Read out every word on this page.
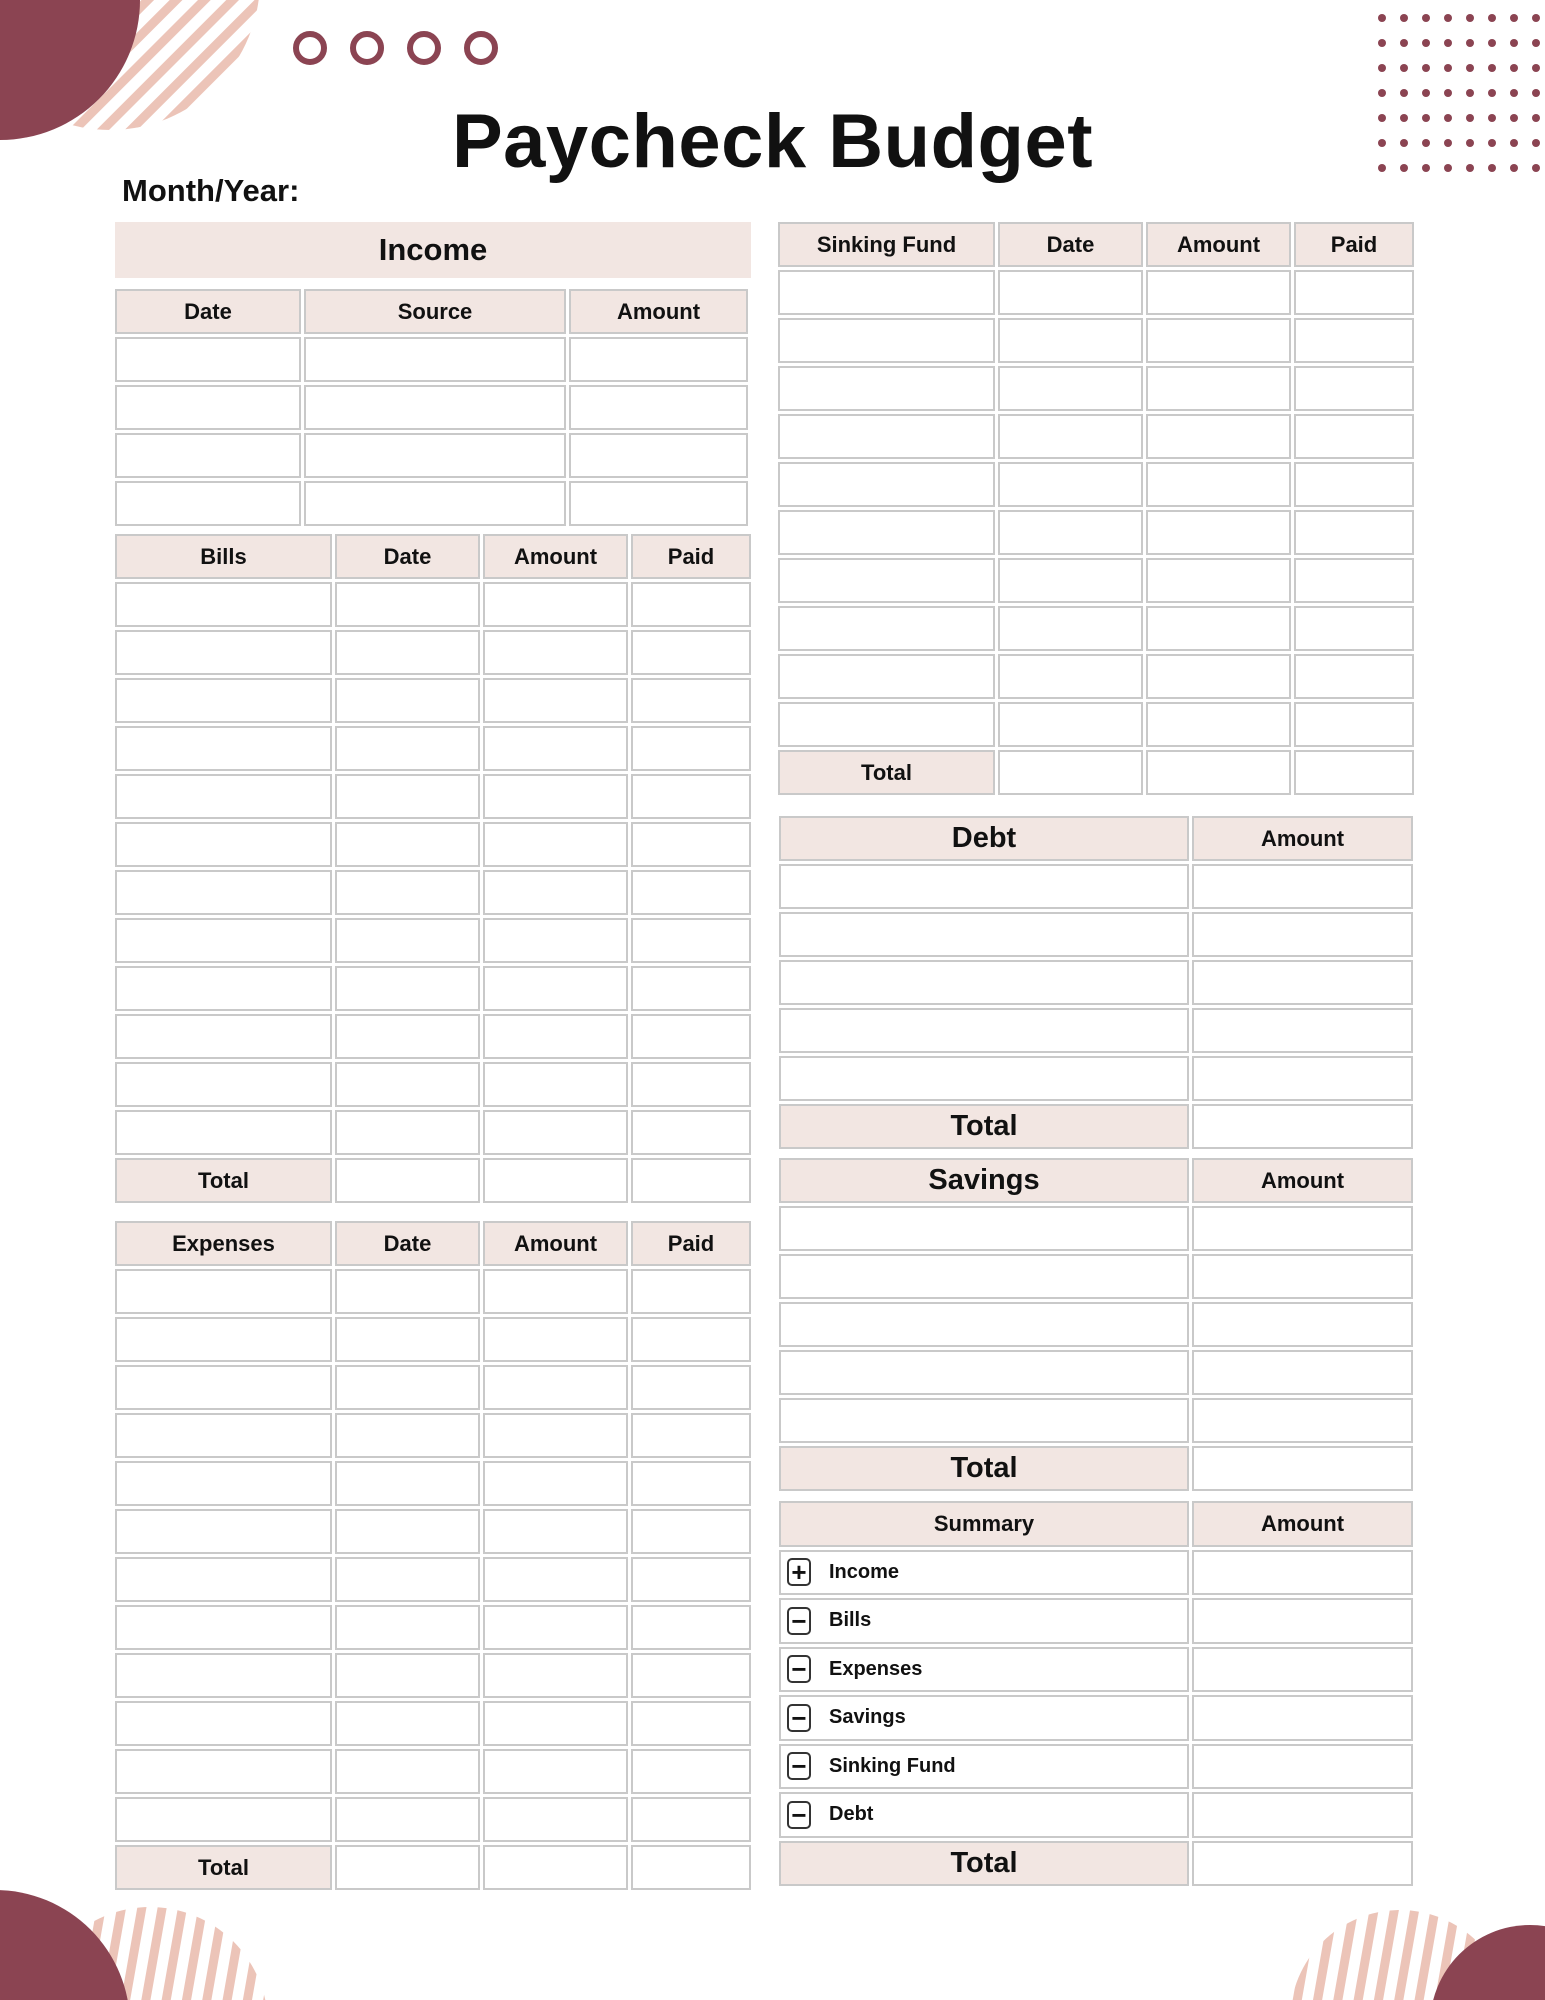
Paycheck Budget
Month/Year:
Income
Date	Source	Amount
Bills	Date	Amount	Paid
Total
Expenses	Date	Amount	Paid
Total
Sinking Fund	Date	Amount	Paid
Total
Debt	Amount
Total
Savings	Amount
Total
Summary	Amount
+ Income
− Bills
− Expenses
− Savings
− Sinking Fund
− Debt
Total
